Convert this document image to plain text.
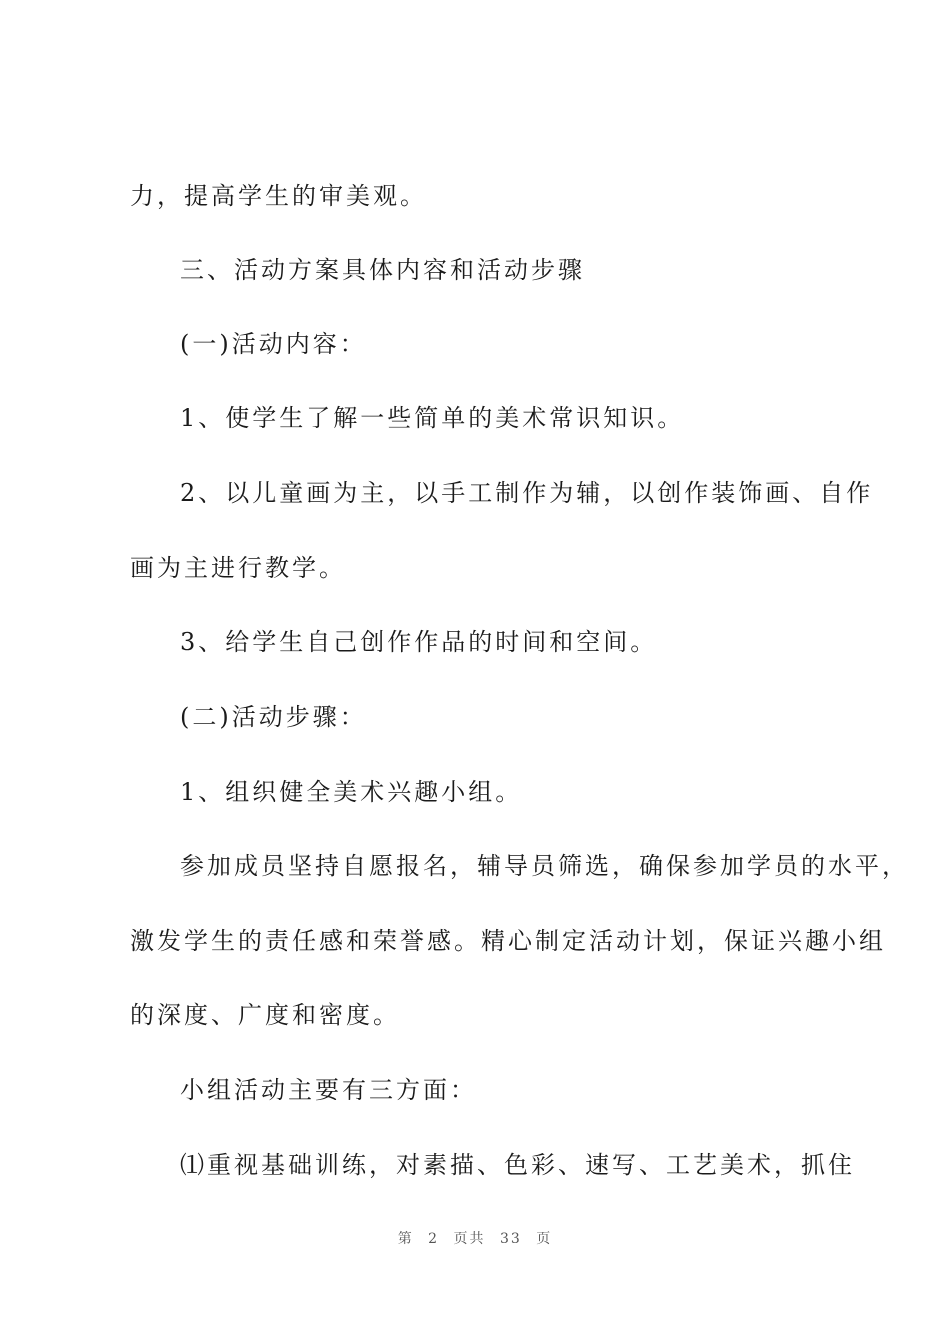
力，提高学生的审美观。
三、活动方案具体内容和活动步骤
(一)活动内容：
1、使学生了解一些简单的美术常识知识。
2、以儿童画为主，以手工制作为辅，以创作装饰画、自作
画为主进行教学。
3、给学生自己创作作品的时间和空间。
(二)活动步骤：
1、组织健全美术兴趣小组。
参加成员坚持自愿报名，辅导员筛选，确保参加学员的水平，
激发学生的责任感和荣誉感。精心制定活动计划，保证兴趣小组
的深度、广度和密度。
小组活动主要有三方面：
⑴重视基础训练，对素描、色彩、速写、工艺美术，抓住
第 2 页共 33 页
